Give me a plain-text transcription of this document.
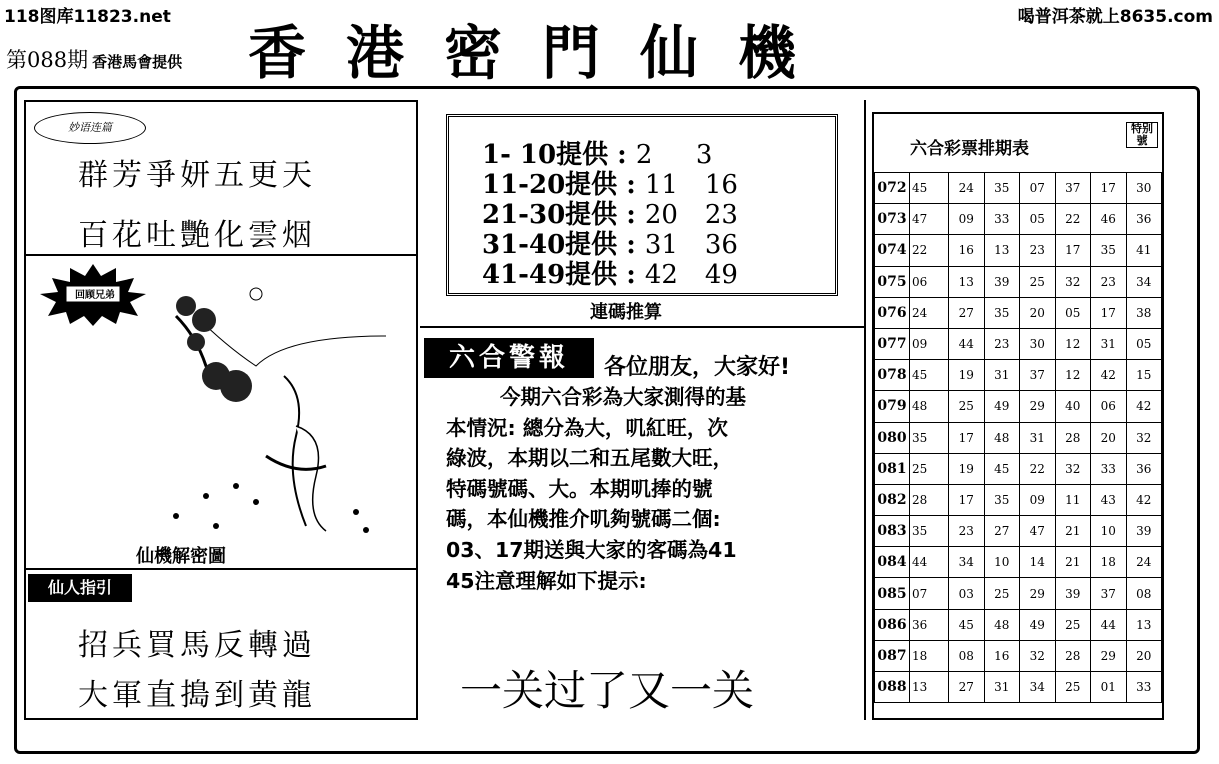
118图库11823.net	喝普洱茶就上8635.com
第088期 香港馬會提供 香港密門仙機
妙语连篇
群芳爭妍五更天
百花吐艷化雲烟
回顾兄弟
仙機解密圖
仙人指引
招兵買馬反轉過
大軍直搗到黄龍
1- 10提供 : 2 3
11-20提供 : 11 16
21-30提供 : 20 23
31-40提供 : 31 36
41-49提供 : 42 49
連碼推算
六合警報	各位朋友，大家好!
今期六合彩為大家測得的基
本情況: 總分為大，叽紅旺，次
綠波，本期以二和五尾數大旺，
特碼號碼、大。本期叽捧的號
碼，本仙機推介叽夠號碼二個:
03、17期送與大家的客碼為41
45注意理解如下提示:
一关过了又一关
六合彩票排期表
特别號
072	45	24	35	07	37	17	30
073	47	09	33	05	22	46	36
074	22	16	13	23	17	35	41
075	06	13	39	25	32	23	34
076	24	27	35	20	05	17	38
077	09	44	23	30	12	31	05
078	45	19	31	37	12	42	15
079	48	25	49	29	40	06	42
080	35	17	48	31	28	20	32
081	25	19	45	22	32	33	36
082	28	17	35	09	11	43	42
083	35	23	27	47	21	10	39
084	44	34	10	14	21	18	24
085	07	03	25	29	39	37	08
086	36	45	48	49	25	44	13
087	18	08	16	32	28	29	20
088	13	27	31	34	25	01	33
